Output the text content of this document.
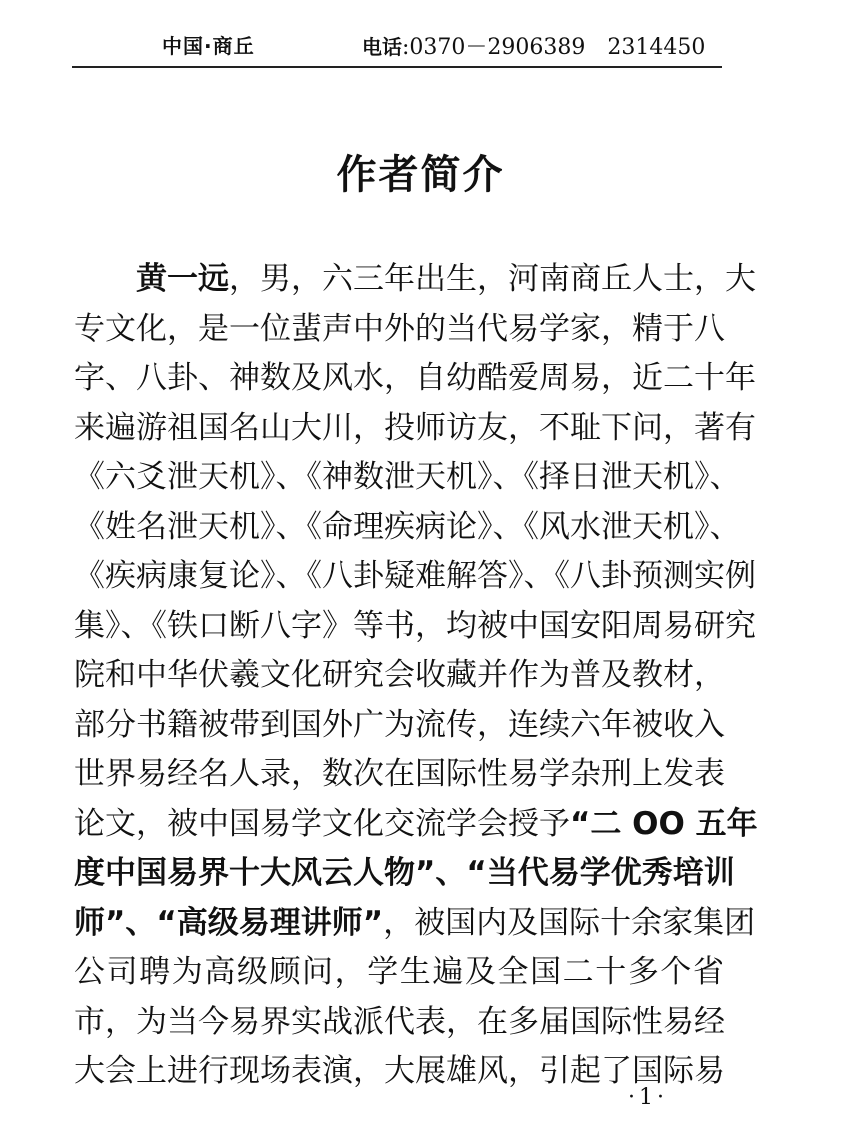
中国·商丘	电话:0370－2906389　2314450
作者简介
黄一远，男，六三年出生，河南商丘人士，大
专文化，是一位蜚声中外的当代易学家，精于八
字、八卦、神数及风水，自幼酷爱周易，近二十年
来遍游祖国名山大川，投师访友，不耻下问，著有
《六爻泄天机》、《神数泄天机》、《择日泄天机》、
《姓名泄天机》、《命理疾病论》、《风水泄天机》、
《疾病康复论》、《八卦疑难解答》、《八卦预测实例
集》、《铁口断八字》等书，均被中国安阳周易研究
院和中华伏羲文化研究会收藏并作为普及教材，
部分书籍被带到国外广为流传，连续六年被收入
世界易经名人录，数次在国际性易学杂刑上发表
论文，被中国易学文化交流学会授予“二 OO 五年
度中国易界十大风云人物”、“当代易学优秀培训
师”、“高级易理讲师”，被国内及国际十余家集团
公司聘为高级顾问，学生遍及全国二十多个省
市，为当今易界实战派代表，在多届国际性易经
大会上进行现场表演，大展雄风，引起了国际易
·1·
